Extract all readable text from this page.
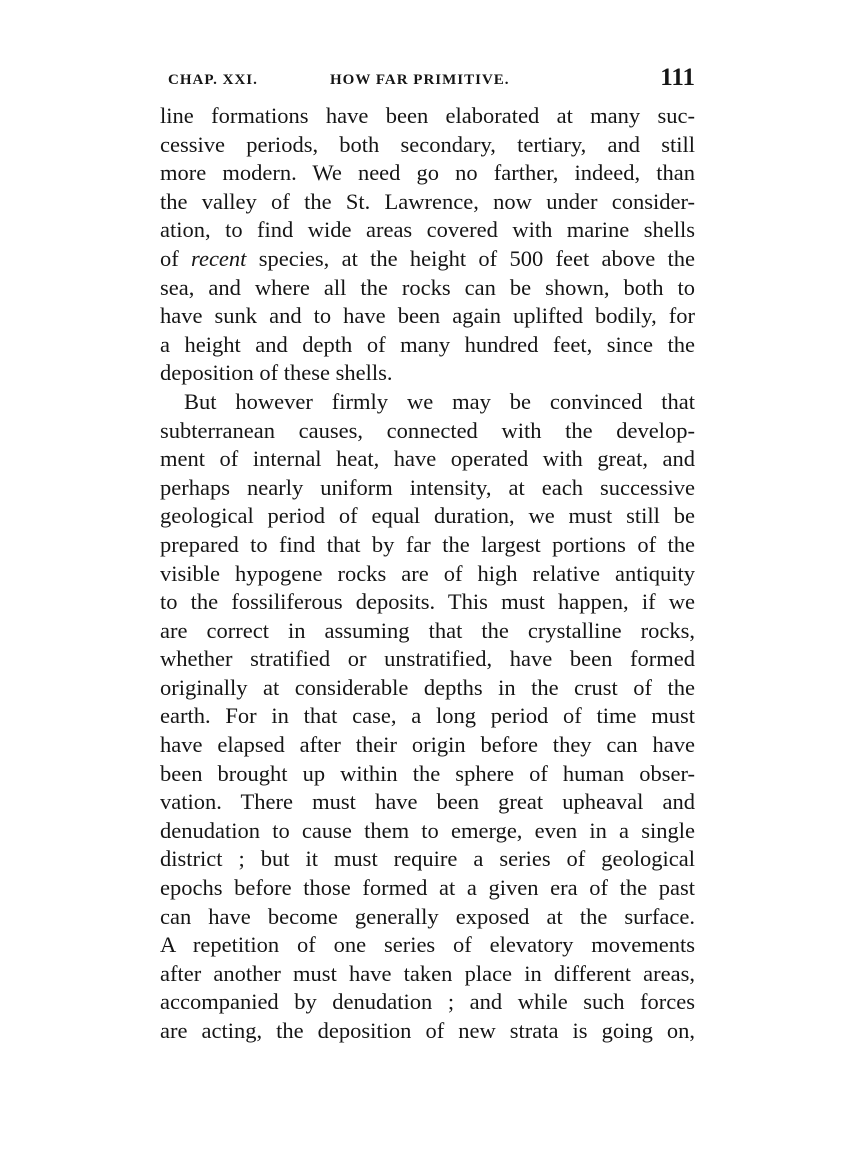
CHAP. XXI.	HOW FAR PRIMITIVE.	111
line formations have been elaborated at many suc-
cessive periods, both secondary, tertiary, and still
more modern. We need go no farther, indeed, than
the valley of the St. Lawrence, now under consider-
ation, to find wide areas covered with marine shells
of recent species, at the height of 500 feet above the
sea, and where all the rocks can be shown, both to
have sunk and to have been again uplifted bodily, for
a height and depth of many hundred feet, since the
deposition of these shells.
But however firmly we may be convinced that
subterranean causes, connected with the develop-
ment of internal heat, have operated with great, and
perhaps nearly uniform intensity, at each successive
geological period of equal duration, we must still be
prepared to find that by far the largest portions of the
visible hypogene rocks are of high relative antiquity
to the fossiliferous deposits. This must happen, if we
are correct in assuming that the crystalline rocks,
whether stratified or unstratified, have been formed
originally at considerable depths in the crust of the
earth. For in that case, a long period of time must
have elapsed after their origin before they can have
been brought up within the sphere of human obser-
vation. There must have been great upheaval and
denudation to cause them to emerge, even in a single
district ; but it must require a series of geological
epochs before those formed at a given era of the past
can have become generally exposed at the surface.
A repetition of one series of elevatory movements
after another must have taken place in different areas,
accompanied by denudation ; and while such forces
are acting, the deposition of new strata is going on,
